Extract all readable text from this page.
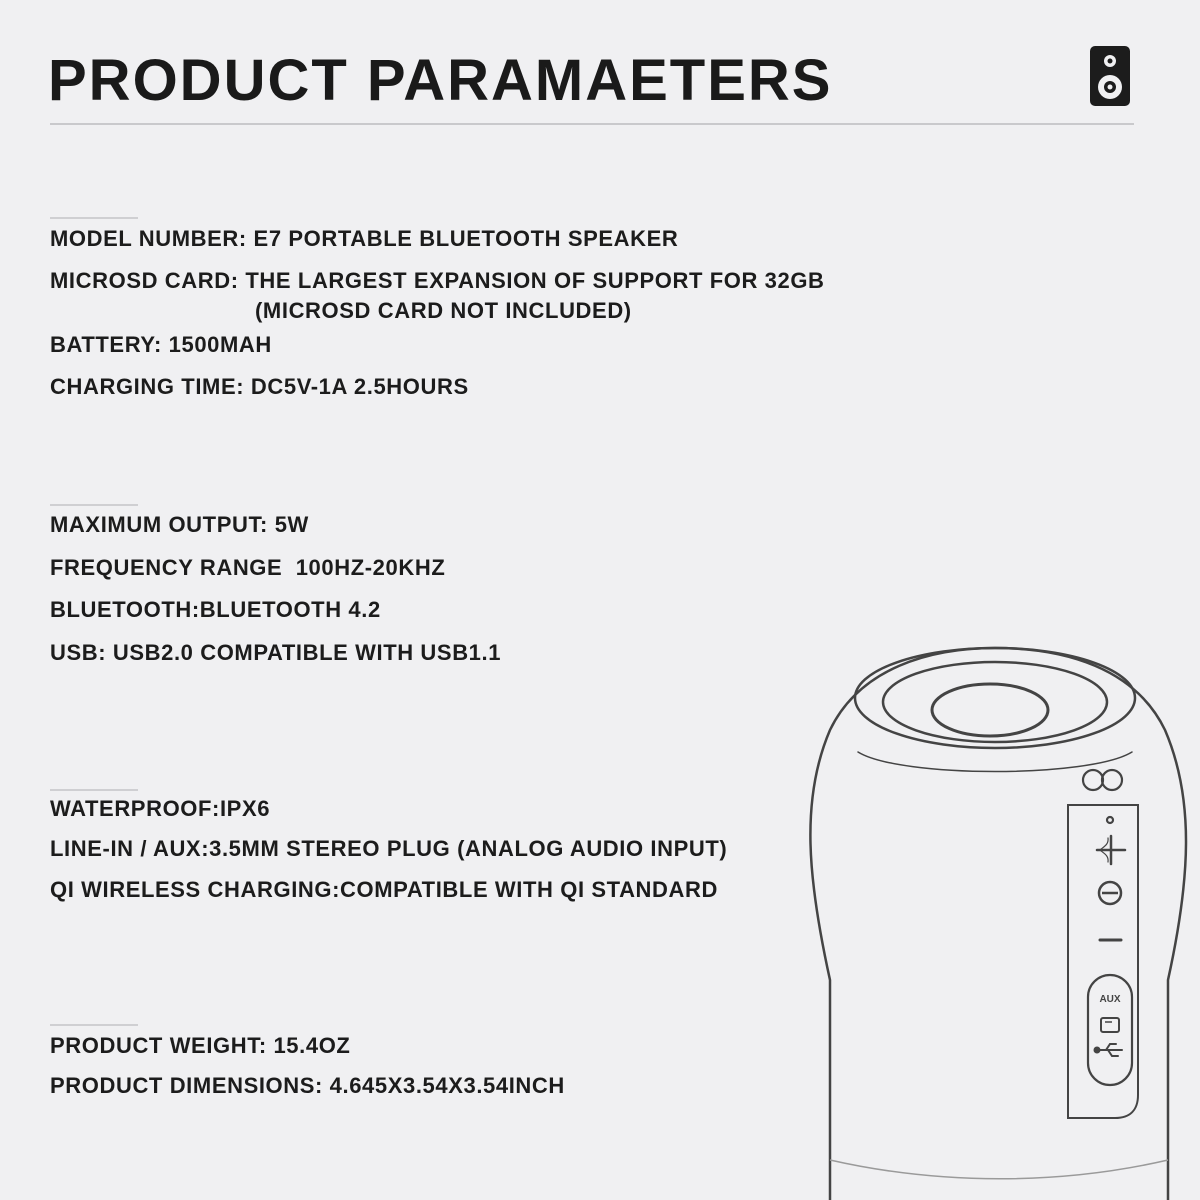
PRODUCT PARAMAETERS

MODEL NUMBER: E7 PORTABLE BLUETOOTH SPEAKER

MICROSD CARD: THE LARGEST EXPANSION OF SUPPORT FOR 32GB
(MICROSD CARD NOT INCLUDED)

BATTERY: 1500MAH

CHARGING TIME: DC5V-1A 2.5HOURS

MAXIMUM OUTPUT: 5W

FREQUENCY RANGE  100HZ-20KHZ

BLUETOOTH:BLUETOOTH 4.2

USB: USB2.0 COMPATIBLE WITH USB1.1

WATERPROOF:IPX6

LINE-IN / AUX:3.5MM STEREO PLUG (ANALOG AUDIO INPUT)

QI WIRELESS CHARGING:COMPATIBLE WITH QI STANDARD

PRODUCT WEIGHT: 15.4OZ

PRODUCT DIMENSIONS: 4.645X3.54X3.54INCH

AUX
